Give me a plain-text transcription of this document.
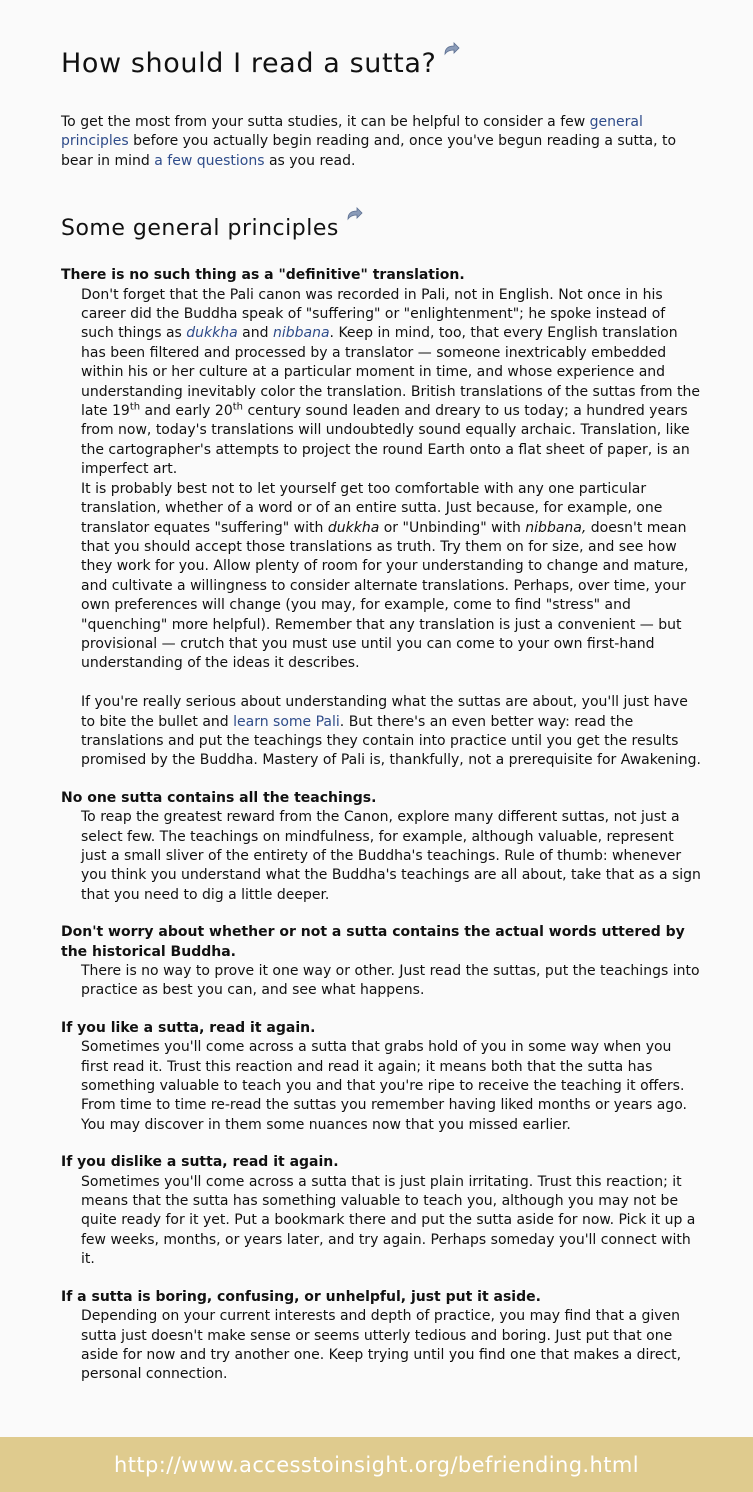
How should I read a sutta?

To get the most from your sutta studies, it can be helpful to consider a few general principles before you actually begin reading and, once you've begun reading a sutta, to bear in mind a few questions as you read.

Some general principles
There is no such thing as a "definitive" translation.

Don't forget that the Pali canon was recorded in Pali, not in English. Not once in his career did the Buddha speak of "suffering" or "enlightenment"; he spoke instead of such things as dukkha and nibbana. Keep in mind, too, that every English translation has been filtered and processed by a translator — someone inextricably embedded within his or her culture at a particular moment in time, and whose experience and understanding inevitably color the translation. British translations of the suttas from the late 19th and early 20th century sound leaden and dreary to us today; a hundred years from now, today's translations will undoubtedly sound equally archaic. Translation, like the cartographer's attempts to project the round Earth onto a flat sheet of paper, is an imperfect art.

It is probably best not to let yourself get too comfortable with any one particular translation, whether of a word or of an entire sutta. Just because, for example, one translator equates "suffering" with dukkha or "Unbinding" with nibbana, doesn't mean that you should accept those translations as truth. Try them on for size, and see how they work for you. Allow plenty of room for your understanding to change and mature, and cultivate a willingness to consider alternate translations. Perhaps, over time, your own preferences will change (you may, for example, come to find "stress" and "quenching" more helpful). Remember that any translation is just a convenient — but provisional — crutch that you must use until you can come to your own first-hand understanding of the ideas it describes.

If you're really serious about understanding what the suttas are about, you'll just have to bite the bullet and learn some Pali. But there's an even better way: read the translations and put the teachings they contain into practice until you get the results promised by the Buddha. Mastery of Pali is, thankfully, not a prerequisite for Awakening.

No one sutta contains all the teachings.
To reap the greatest reward from the Canon, explore many different suttas, not just a select few. The teachings on mindfulness, for example, although valuable, represent just a small sliver of the entirety of the Buddha's teachings. Rule of thumb: whenever you think you understand what the Buddha's teachings are all about, take that as a sign that you need to dig a little deeper.
Don't worry about whether or not a sutta contains the actual words uttered by the historical Buddha.
There is no way to prove it one way or other. Just read the suttas, put the teachings into practice as best you can, and see what happens.
If you like a sutta, read it again.
Sometimes you'll come across a sutta that grabs hold of you in some way when you first read it. Trust this reaction and read it again; it means both that the sutta has something valuable to teach you and that you're ripe to receive the teaching it offers. From time to time re-read the suttas you remember having liked months or years ago. You may discover in them some nuances now that you missed earlier.
If you dislike a sutta, read it again.
Sometimes you'll come across a sutta that is just plain irritating. Trust this reaction; it means that the sutta has something valuable to teach you, although you may not be quite ready for it yet. Put a bookmark there and put the sutta aside for now. Pick it up a few weeks, months, or years later, and try again. Perhaps someday you'll connect with it.
If a sutta is boring, confusing, or unhelpful, just put it aside.
Depending on your current interests and depth of practice, you may find that a given sutta just doesn't make sense or seems utterly tedious and boring. Just put that one aside for now and try another one. Keep trying until you find one that makes a direct, personal connection.
http://www.accesstoinsight.org/befriending.html
